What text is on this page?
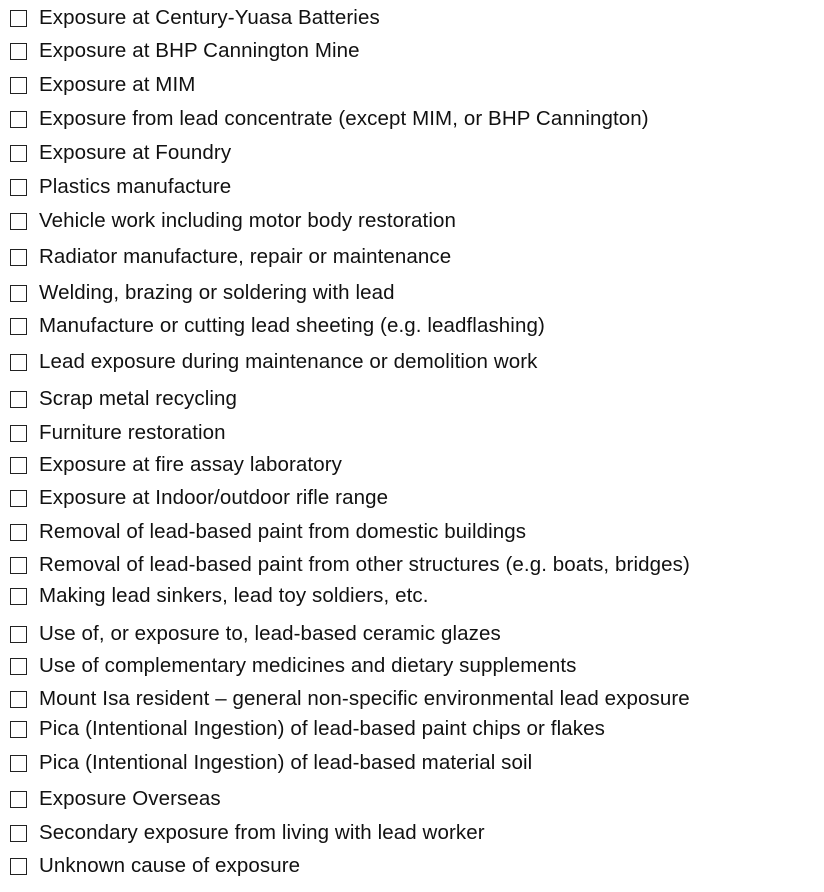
Exposure at Century-Yuasa Batteries
Exposure at BHP Cannington Mine
Exposure at MIM
Exposure from lead concentrate (except MIM, or BHP Cannington)
Exposure at Foundry
Plastics manufacture
Vehicle work including motor body restoration
Radiator manufacture, repair or maintenance
Welding, brazing or soldering with lead
Manufacture or cutting lead sheeting (e.g. leadflashing)
Lead exposure during maintenance or demolition work
Scrap metal recycling
Furniture restoration
Exposure at fire assay laboratory
Exposure at Indoor/outdoor rifle range
Removal of lead-based paint from domestic buildings
Removal of lead-based paint from other structures (e.g. boats, bridges)
Making lead sinkers, lead toy soldiers, etc.
Use of, or exposure to, lead-based ceramic glazes
Use of complementary medicines and dietary supplements
Mount Isa resident – general non-specific environmental lead exposure
Pica (Intentional Ingestion) of lead-based paint chips or flakes
Pica (Intentional Ingestion) of lead-based material soil
Exposure Overseas
Secondary exposure from living with lead worker
Unknown cause of exposure
